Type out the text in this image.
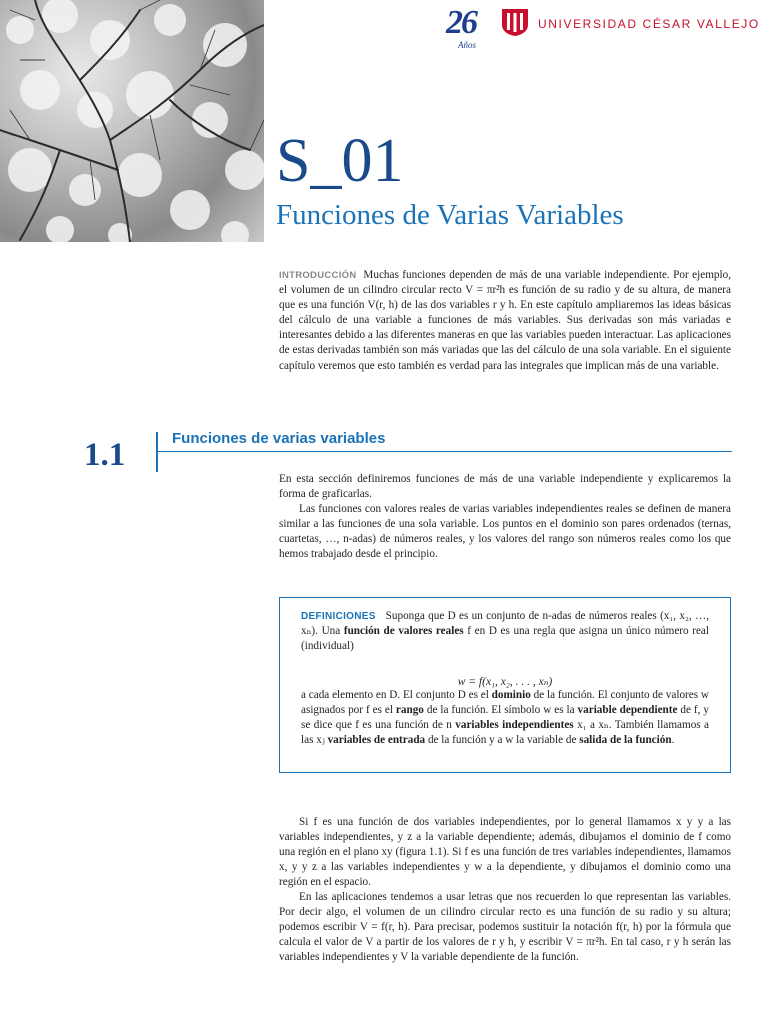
26
Años
UNIVERSIDAD CÉSAR VALLEJO
S_01
Funciones de Varias Variables
INTRODUCCIÓN Muchas funciones dependen de más de una variable independiente. Por ejemplo, el volumen de un cilindro circular recto V = πr²h es función de su radio y de su altura, de manera que es una función V(r, h) de las dos variables r y h. En este capítulo ampliaremos las ideas básicas del cálculo de una variable a funciones de más variables. Sus derivadas son más variadas e interesantes debido a las diferentes maneras en que las variables pueden interactuar. Las aplicaciones de estas derivadas también son más variadas que las del cálculo de una sola variable. En el siguiente capítulo veremos que esto también es verdad para las integrales que implican más de una variable.
1.1	Funciones de varias variables

En esta sección definiremos funciones de más de una variable independiente y explicaremos la forma de graficarlas.

Las funciones con valores reales de varias variables independientes reales se definen de manera similar a las funciones de una sola variable. Los puntos en el dominio son pares ordenados (ternas, cuartetas, …, n-adas) de números reales, y los valores del rango son números reales como los que hemos trabajado desde el principio.

DEFINICIONES Suponga que D es un conjunto de n-adas de números reales (x₁, x₂, …, xₙ). Una función de valores reales f en D es una regla que asigna un único número real (individual)
w = f(x₁, x₂, . . . , xₙ)
a cada elemento en D. El conjunto D es el dominio de la función. El conjunto de valores w asignados por f es el rango de la función. El símbolo w es la variable dependiente de f, y se dice que f es una función de n variables independientes x₁ a xₙ. También llamamos a las xⱼ variables de entrada de la función y a w la variable de salida de la función.

Si f es una función de dos variables independientes, por lo general llamamos x y y a las variables independientes, y z a la variable dependiente; además, dibujamos el dominio de f como una región en el plano xy (figura 1.1). Si f es una función de tres variables independientes, llamamos x, y y z a las variables independientes y w a la dependiente, y dibujamos el dominio como una región en el espacio.

En las aplicaciones tendemos a usar letras que nos recuerden lo que representan las variables. Por decir algo, el volumen de un cilindro circular recto es una función de su radio y su altura; podemos escribir V = f(r, h). Para precisar, podemos sustituir la notación f(r, h) por la fórmula que calcula el valor de V a partir de los valores de r y h, y escribir V = πr²h. En tal caso, r y h serán las variables independientes y V la variable dependiente de la función.
